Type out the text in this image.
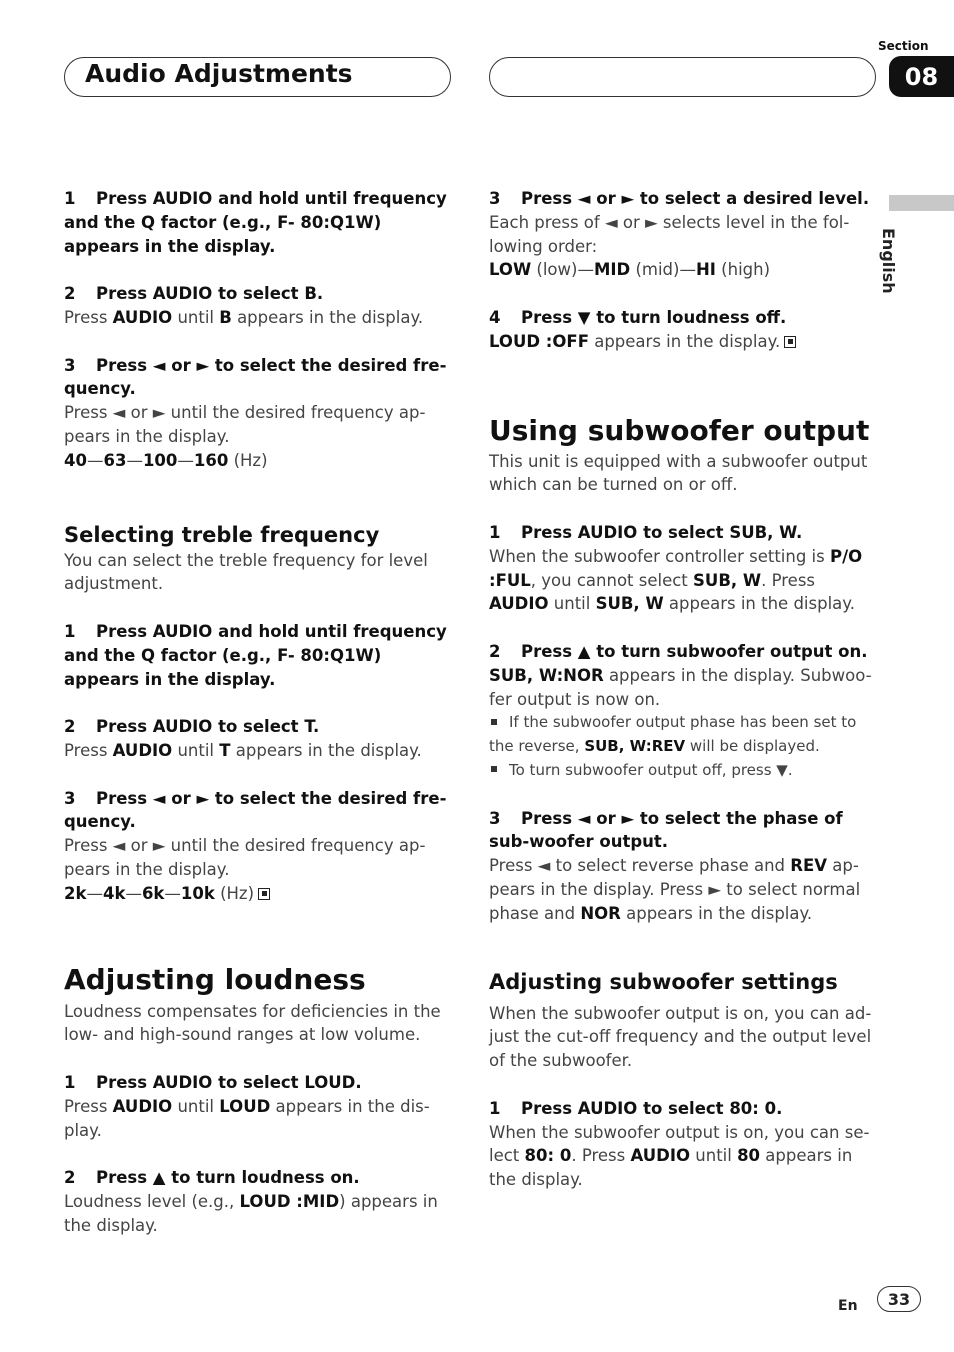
Audio Adjustments
Section
08
English

1 Press AUDIO and hold until frequency and the Q factor (e.g., F- 80:Q1W) appears in the display.

2 Press AUDIO to select B.

Press AUDIO until B appears in the display.

3 Press ◄ or ► to select the desired fre-quency.

Press ◄ or ► until the desired frequency ap-pears in the display.

40—63—100—160 (Hz)

Selecting treble frequency

You can select the treble frequency for level adjustment.

1 Press AUDIO and hold until frequency and the Q factor (e.g., F- 80:Q1W) appears in the display.

2 Press AUDIO to select T.

Press AUDIO until T appears in the display.

3 Press ◄ or ► to select the desired fre-quency.

Press ◄ or ► until the desired frequency ap-pears in the display.

2k—4k—6k—10k (Hz)

Adjusting loudness

Loudness compensates for deficiencies in the low- and high-sound ranges at low volume.

1 Press AUDIO to select LOUD.

Press AUDIO until LOUD appears in the dis-play.

2 Press ▲ to turn loudness on.

Loudness level (e.g., LOUD :MID) appears in the display.

3 Press ◄ or ► to select a desired level.

Each press of ◄ or ► selects level in the fol-lowing order:

LOW (low)—MID (mid)—HI (high)

4 Press ▼ to turn loudness off.

LOUD :OFF appears in the display.

Using subwoofer output

This unit is equipped with a subwoofer output which can be turned on or off.

1 Press AUDIO to select SUB, W.

When the subwoofer controller setting is P/O :FUL, you cannot select SUB, W. Press AUDIO until SUB, W appears in the display.

2 Press ▲ to turn subwoofer output on.

SUB, W:NOR appears in the display. Subwoo-fer output is now on.

If the subwoofer output phase has been set to the reverse, SUB, W:REV will be displayed.

To turn subwoofer output off, press ▼.

3 Press ◄ or ► to select the phase of sub-woofer output.

Press ◄ to select reverse phase and REV ap-pears in the display. Press ► to select normal phase and NOR appears in the display.

Adjusting subwoofer settings

When the subwoofer output is on, you can ad-just the cut-off frequency and the output level of the subwoofer.

1 Press AUDIO to select 80: 0.

When the subwoofer output is on, you can se-lect 80: 0. Press AUDIO until 80 appears in the display.

En	33
